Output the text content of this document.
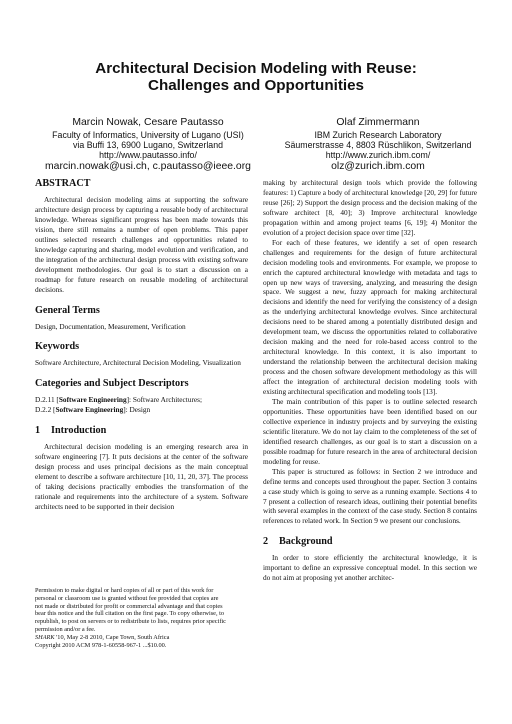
Architectural Decision Modeling with Reuse:
Challenges and Opportunities
Marcin Nowak, Cesare Pautasso
Faculty of Informatics, University of Lugano (USI)
via Buffi 13, 6900 Lugano, Switzerland
http://www.pautasso.info/
marcin.nowak@usi.ch, c.pautasso@ieee.org
Olaf Zimmermann
IBM Zurich Research Laboratory
Säumerstrasse 4, 8803 Rüschlikon, Switzerland
http://www.zurich.ibm.com/
olz@zurich.ibm.com
ABSTRACT

Architectural decision modeling aims at supporting the software architecture design process by capturing a reusable body of architectural knowledge. Whereas significant progress has been made towards this vision, there still remains a number of open problems. This paper outlines selected research challenges and opportunities related to knowledge capturing and sharing, model evolution and verification, and the integration of the architectural design process with existing software development methodologies. Our goal is to start a discussion on a roadmap for future research on reusable modeling of architectural decisions.

General Terms

Design, Documentation, Measurement, Verification

Keywords

Software Architecture, Architectural Decision Modeling, Visualization

Categories and Subject Descriptors

D.2.11 [Software Engineering]: Software Architectures;
D.2.2 [Software Engineering]: Design

1 Introduction

Architectural decision modeling is an emerging research area in software engineering [7]. It puts decisions at the center of the software design process and uses principal decisions as the main conceptual element to describe a software architecture [10, 11, 20, 37]. The process of taking decisions practically embodies the transformation of the rationale and requirements into the architecture of a system. Software architects need to be supported in their decision

Permission to make digital or hard copies of all or part of this work for
personal or classroom use is granted without fee provided that copies are
not made or distributed for profit or commercial advantage and that copies
bear this notice and the full citation on the first page. To copy otherwise, to
republish, to post on servers or to redistribute to lists, requires prior specific
permission and/or a fee.
SHARK '10, May 2-8 2010, Cape Town, South Africa
Copyright 2010 ACM 978-1-60558-967-1 ...$10.00.

making by architectural design tools which provide the following features: 1) Capture a body of architectural knowledge [20, 29] for future reuse [26]; 2) Support the design process and the decision making of the software architect [8, 40]; 3) Improve architectural knowledge propagation within and among project teams [6, 19]; 4) Monitor the evolution of a project decision space over time [32].

For each of these features, we identify a set of open research challenges and requirements for the design of future architectural decision modeling tools and environments. For example, we propose to enrich the captured architectural knowledge with metadata and tags to open up new ways of traversing, analyzing, and measuring the design space. We suggest a new, fuzzy approach for making architectural decisions and identify the need for verifying the consistency of a design as the underlying architectural knowledge evolves. Since architectural decisions need to be shared among a potentially distributed design and development team, we discuss the opportunities related to collaborative decision making and the need for role-based access control to the architectural knowledge. In this context, it is also important to understand the relationship between the architectural decision making process and the chosen software development methodology as this will affect the integration of architectural decision modeling tools with existing architectural specification and modeling tools [13].

The main contribution of this paper is to outline selected research opportunities. These opportunities have been identified based on our collective experience in industry projects and by surveying the existing scientific literature. We do not lay claim to the completeness of the set of identified research challenges, as our goal is to start a discussion on a possible roadmap for future research in the area of architectural decision modeling for reuse.

This paper is structured as follows: in Section 2 we introduce and define terms and concepts used throughout the paper. Section 3 contains a case study which is going to serve as a running example. Sections 4 to 7 present a collection of research ideas, outlining their potential benefits with several examples in the context of the case study. Section 8 contains references to related work. In Section 9 we present our conclusions.

2 Background

In order to store efficiently the architectural knowledge, it is important to define an expressive conceptual model. In this section we do not aim at proposing yet another architec-
